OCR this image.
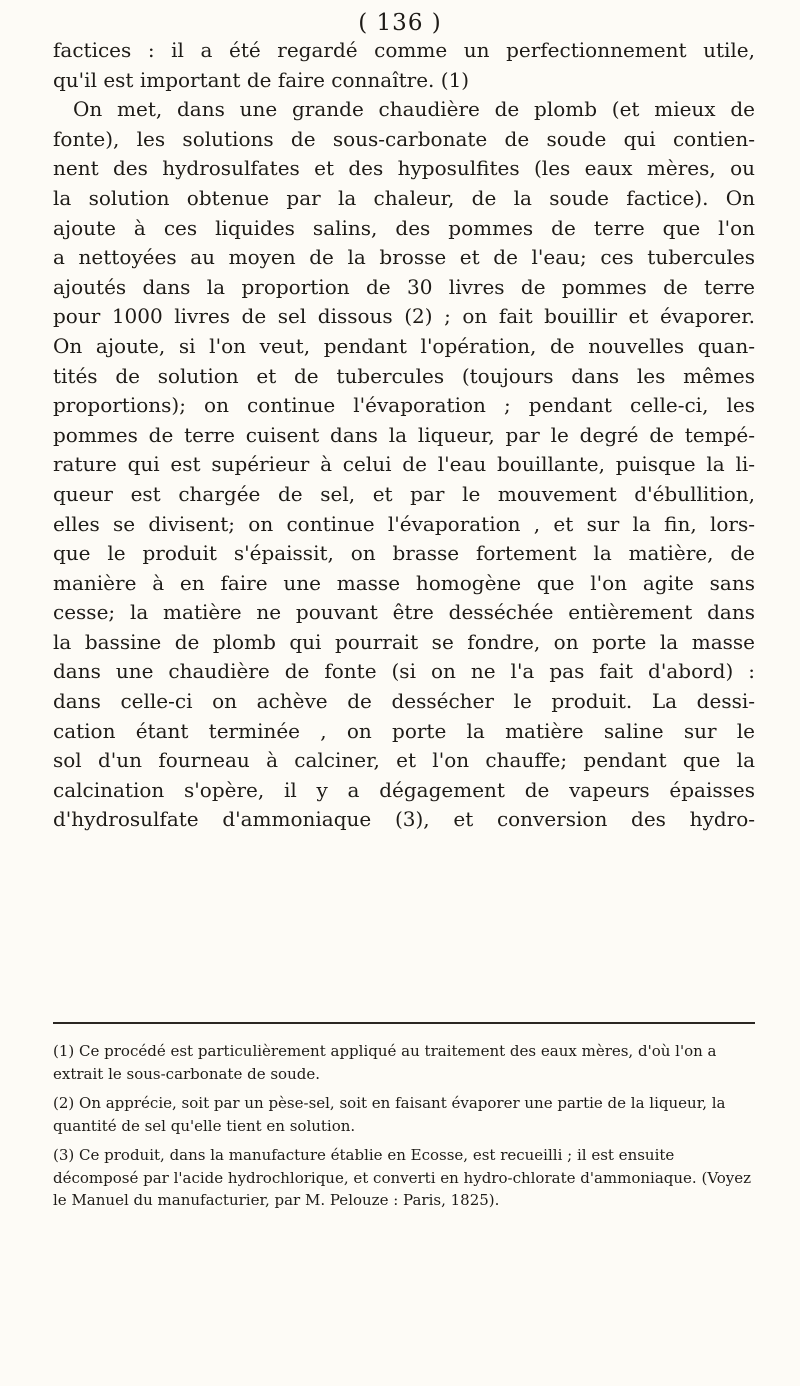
( 136 )
factices : il a été regardé comme un perfectionnement utile,
qu'il est important de faire connaître. (1)
On met, dans une grande chaudière de plomb (et mieux de
fonte), les solutions de sous-carbonate de soude qui contien-
nent des hydrosulfates et des hyposulfites (les eaux mères, ou
la solution obtenue par la chaleur, de la soude factice). On
ajoute à ces liquides salins, des pommes de terre que l'on
a nettoyées au moyen de la brosse et de l'eau; ces tubercules
ajoutés dans la proportion de 30 livres de pommes de terre
pour 1000 livres de sel dissous (2) ; on fait bouillir et évaporer.
On ajoute, si l'on veut, pendant l'opération, de nouvelles quan-
tités de solution et de tubercules (toujours dans les mêmes
proportions); on continue l'évaporation ; pendant celle-ci, les
pommes de terre cuisent dans la liqueur, par le degré de tempé-
rature qui est supérieur à celui de l'eau bouillante, puisque la li-
queur est chargée de sel, et par le mouvement d'ébullition,
elles se divisent; on continue l'évaporation , et sur la fin, lors-
que le produit s'épaissit, on brasse fortement la matière, de
manière à en faire une masse homogène que l'on agite sans
cesse; la matière ne pouvant être desséchée entièrement dans
la bassine de plomb qui pourrait se fondre, on porte la masse
dans une chaudière de fonte (si on ne l'a pas fait d'abord) :
dans celle-ci on achève de dessécher le produit. La dessi-
cation étant terminée , on porte la matière saline sur le
sol d'un fourneau à calciner, et l'on chauffe; pendant que la
calcination s'opère, il y a dégagement de vapeurs épaisses
d'hydrosulfate d'ammoniaque (3), et conversion des hydro-
(1) Ce procédé est particulièrement appliqué au traitement des eaux mères, d'où l'on a extrait le sous-carbonate de soude.
(2) On apprécie, soit par un pèse-sel, soit en faisant évaporer une partie de la liqueur, la quantité de sel qu'elle tient en solution.
(3) Ce produit, dans la manufacture établie en Ecosse, est recueilli ; il est ensuite décomposé par l'acide hydrochlorique, et converti en hydro-chlorate d'ammoniaque. (Voyez le Manuel du manufacturier, par M. Pelouze : Paris, 1825).
